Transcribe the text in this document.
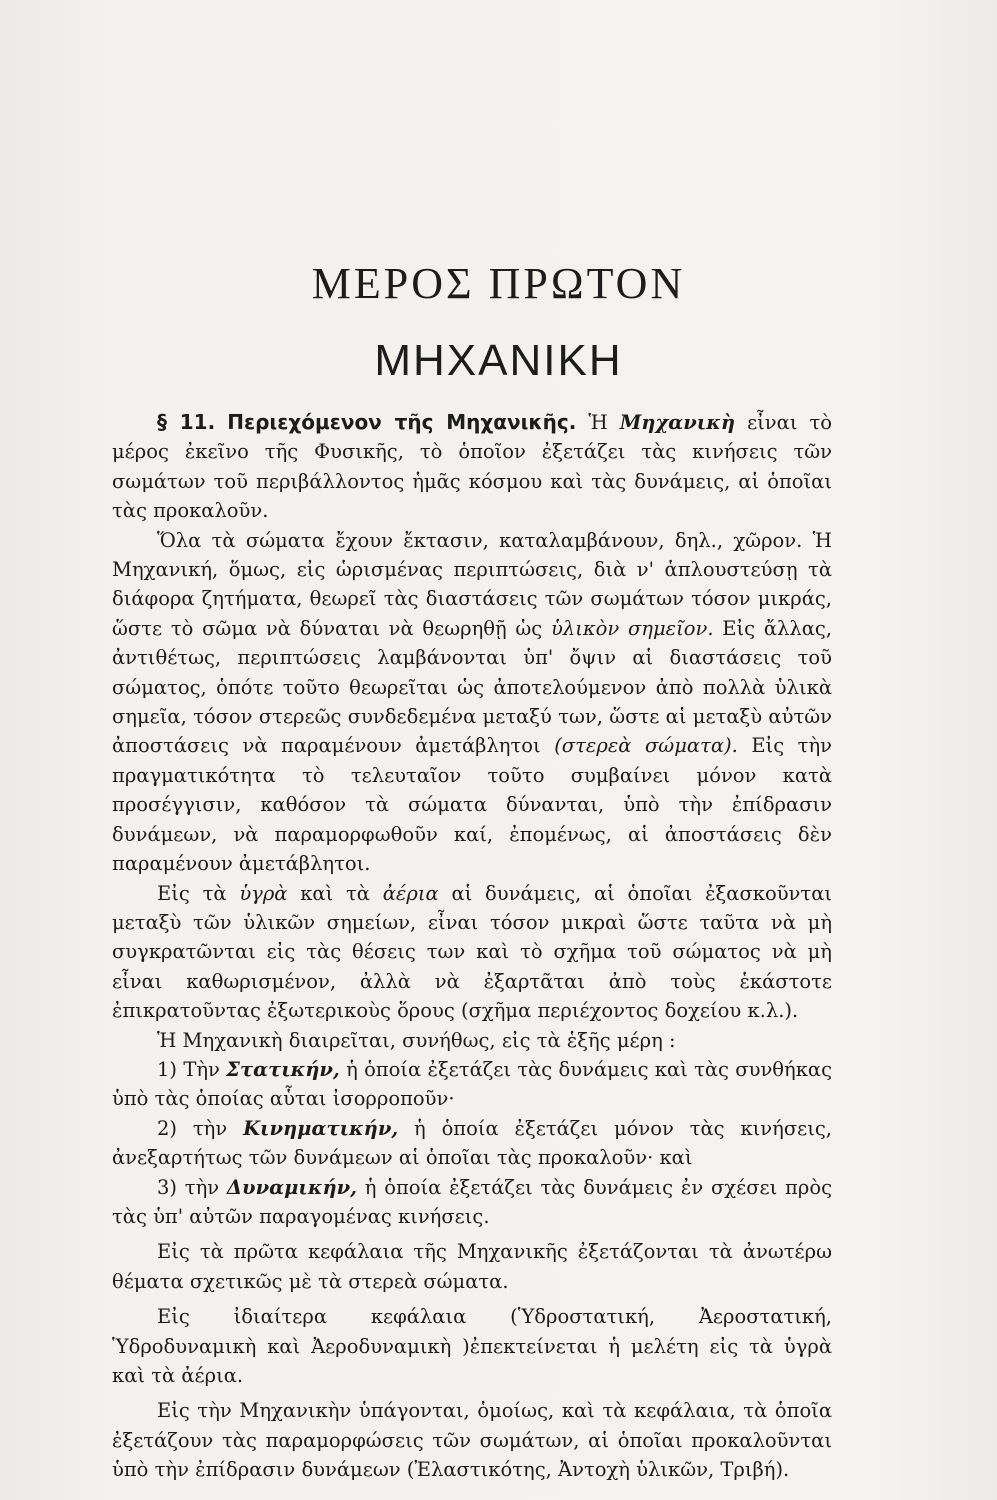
ΜΕΡΟΣ ΠΡΩΤΟΝ
ΜΗΧΑΝΙΚΗ

§ 11. Περιεχόμενον τῆς Μηχανικῆς. Ἡ Μηχανικὴ εἶναι τὸ μέρος ἐκεῖνο τῆς Φυσικῆς, τὸ ὁποῖον ἐξετάζει τὰς κινήσεις τῶν σωμάτων τοῦ περιβάλλοντος ἡμᾶς κόσμου καὶ τὰς δυνάμεις, αἱ ὁποῖαι τὰς προκαλοῦν.

Ὅλα τὰ σώματα ἔχουν ἔκτασιν, καταλαμβάνουν, δηλ., χῶρον. Ἡ Μηχανική, ὅμως, εἰς ὡρισμένας περιπτώσεις, διὰ ν' ἁπλουστεύσῃ τὰ διάφορα ζητήματα, θεωρεῖ τὰς διαστάσεις τῶν σωμάτων τόσον μικράς, ὥστε τὸ σῶμα νὰ δύναται νὰ θεωρηθῇ ὡς ὑλικὸν σημεῖον. Εἰς ἄλλας, ἀντιθέτως, περιπτώσεις λαμβάνονται ὑπ' ὄψιν αἱ διαστάσεις τοῦ σώματος, ὁπότε τοῦτο θεωρεῖται ὡς ἀποτελούμενον ἀπὸ πολλὰ ὑλικὰ σημεῖα, τόσον στερεῶς συνδεδεμένα μεταξύ των, ὥστε αἱ μεταξὺ αὐτῶν ἀποστάσεις νὰ παραμένουν ἀμετάβλητοι (στερεὰ σώματα). Εἰς τὴν πραγματικότητα τὸ τελευταῖον τοῦτο συμβαίνει μόνον κατὰ προσέγγισιν, καθόσον τὰ σώματα δύνανται, ὑπὸ τὴν ἐπίδρασιν δυνάμεων, νὰ παραμορφωθοῦν καί, ἐπομένως, αἱ ἀποστάσεις δὲν παραμένουν ἀμετάβλητοι.

Εἰς τὰ ὑγρὰ καὶ τὰ ἀέρια αἱ δυνάμεις, αἱ ὁποῖαι ἐξασκοῦνται μεταξὺ τῶν ὑλικῶν σημείων, εἶναι τόσον μικραὶ ὥστε ταῦτα νὰ μὴ συγκρατῶνται εἰς τὰς θέσεις των καὶ τὸ σχῆμα τοῦ σώματος νὰ μὴ εἶναι καθωρισμένον, ἀλλὰ νὰ ἐξαρτᾶται ἀπὸ τοὺς ἑκάστοτε ἐπικρατοῦντας ἐξωτερικοὺς ὅρους (σχῆμα περιέχοντος δοχείου κ.λ.).

Ἡ Μηχανικὴ διαιρεῖται, συνήθως, εἰς τὰ ἑξῆς μέρη :

1) Τὴν Στατικήν, ἡ ὁποία ἐξετάζει τὰς δυνάμεις καὶ τὰς συνθήκας ὑπὸ τὰς ὁποίας αὗται ἰσορροποῦν·

2) τὴν Κινηματικήν, ἡ ὁποία ἐξετάζει μόνον τὰς κινήσεις, ἀνεξαρτήτως τῶν δυνάμεων αἱ ὁποῖαι τὰς προκαλοῦν· καὶ

3) τὴν Δυναμικήν, ἡ ὁποία ἐξετάζει τὰς δυνάμεις ἐν σχέσει πρὸς τὰς ὑπ' αὐτῶν παραγομένας κινήσεις.

Εἰς τὰ πρῶτα κεφάλαια τῆς Μηχανικῆς ἐξετάζονται τὰ ἀνωτέρω θέματα σχετικῶς μὲ τὰ στερεὰ σώματα.

Εἰς ἰδιαίτερα κεφάλαια (Ὑδροστατική, Ἀεροστατική, Ὑδροδυναμικὴ καὶ Ἀεροδυναμικὴ )ἐπεκτείνεται ἡ μελέτη εἰς τὰ ὑγρὰ καὶ τὰ ἀέρια.

Εἰς τὴν Μηχανικὴν ὑπάγονται, ὁμοίως, καὶ τὰ κεφάλαια, τὰ ὁποῖα ἐξετάζουν τὰς παραμορφώσεις τῶν σωμάτων, αἱ ὁποῖαι προκαλοῦνται ὑπὸ τὴν ἐπίδρασιν δυνάμεων (Ἐλαστικότης, Ἀντοχὴ ὑλικῶν, Τριβή).
